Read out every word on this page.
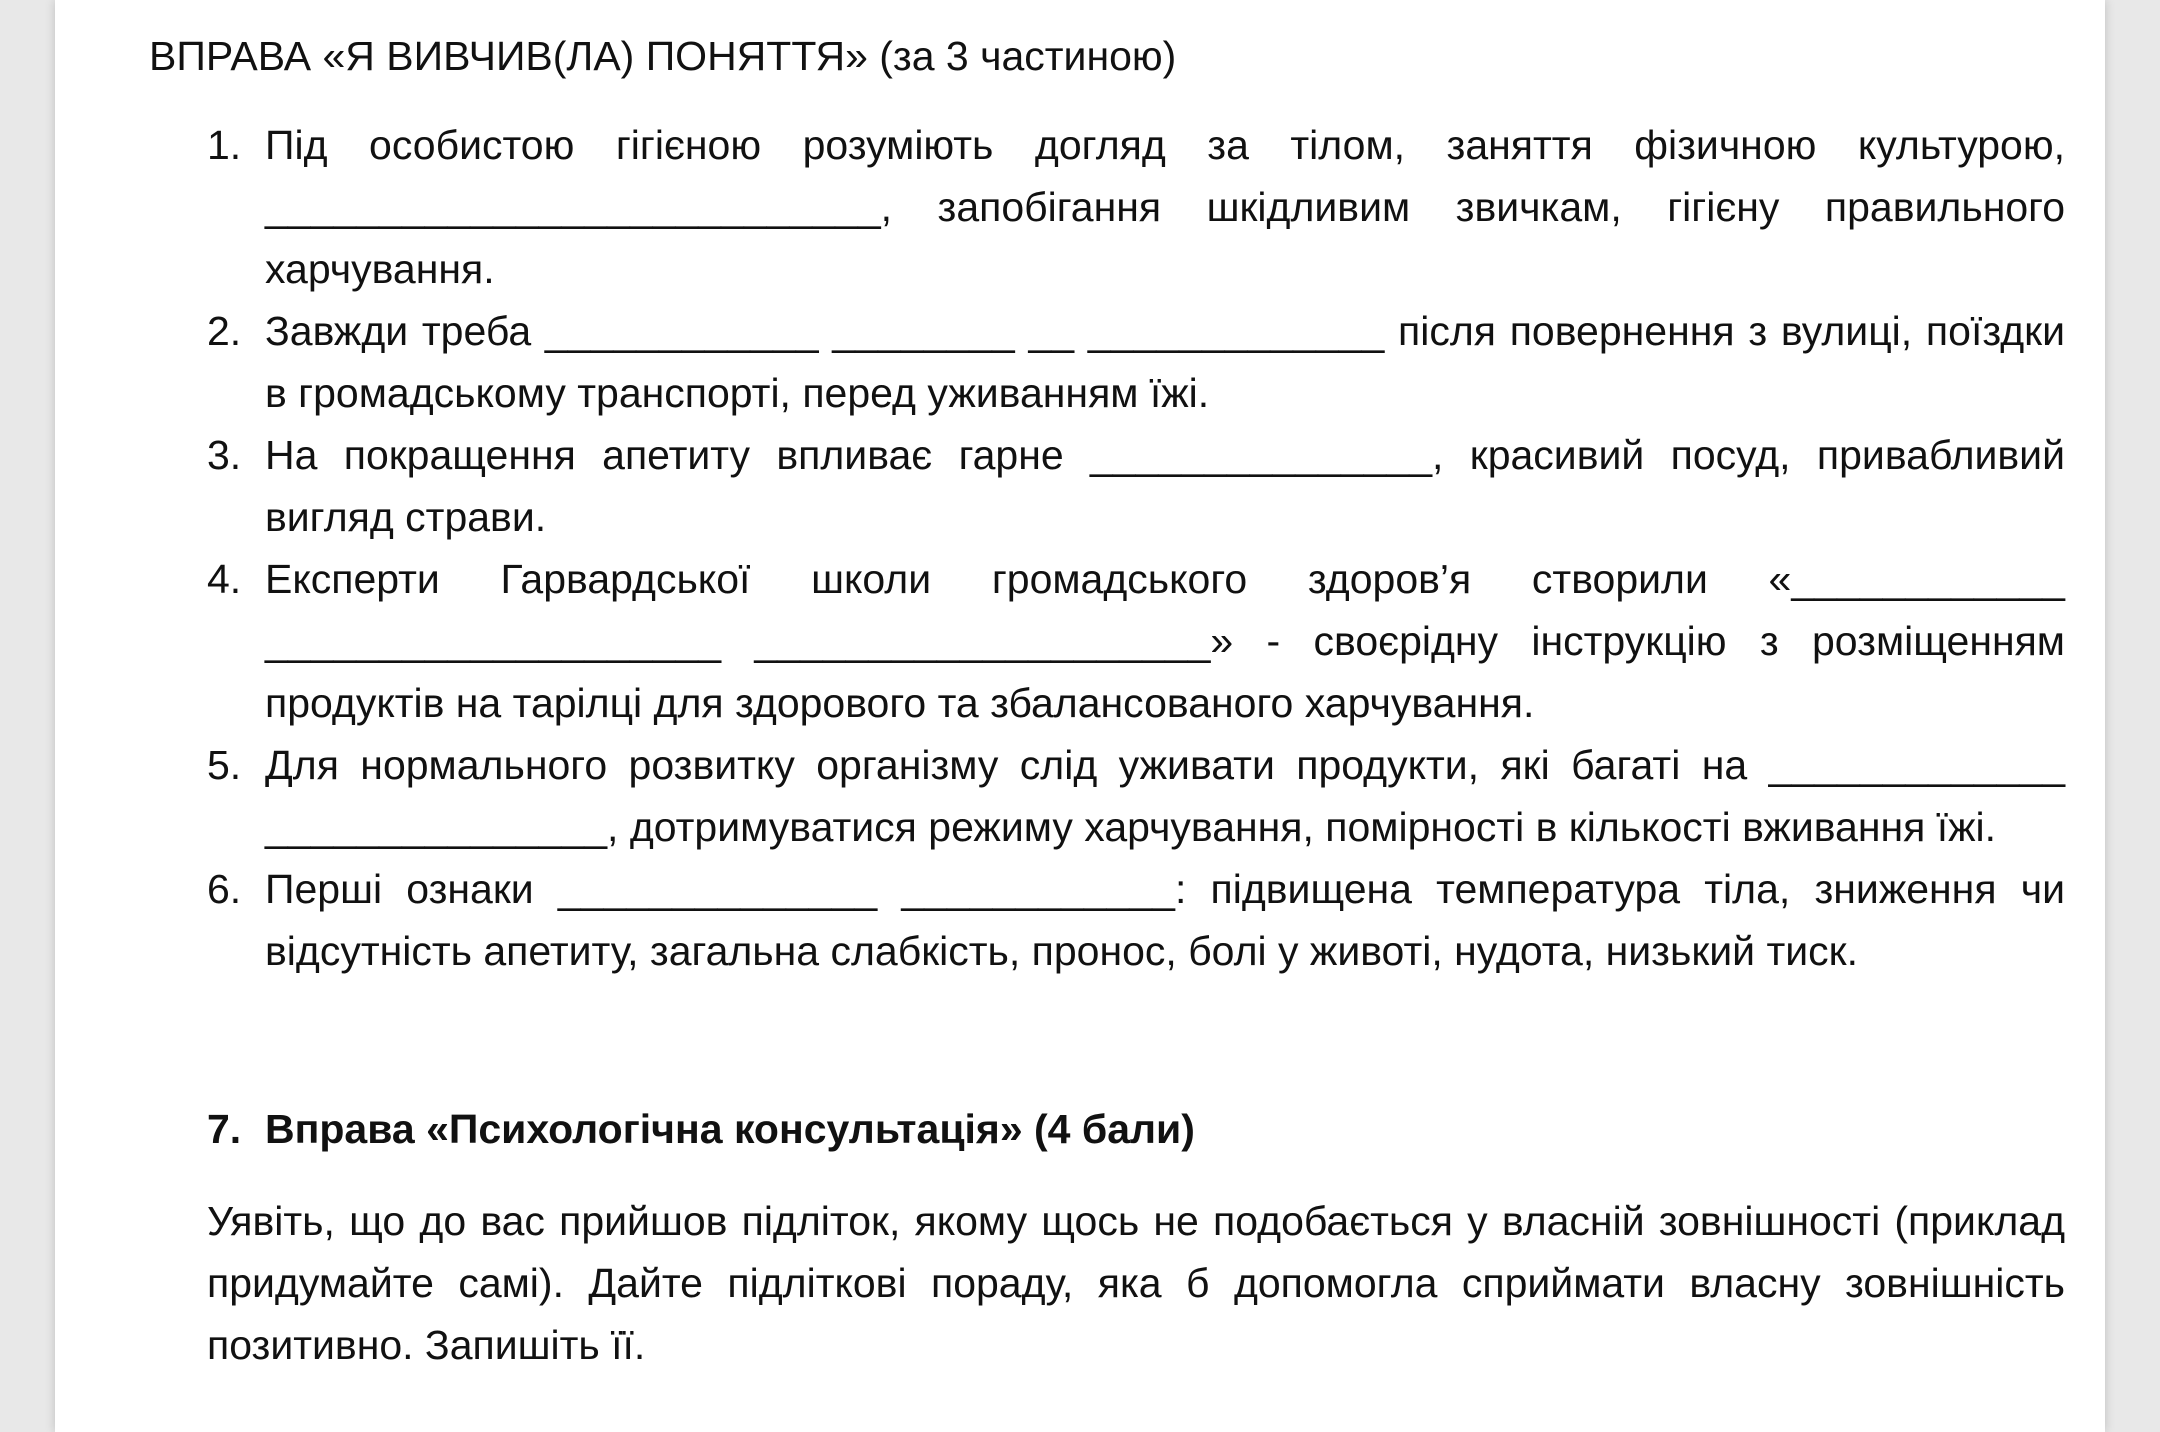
ВПРАВА «Я ВИВЧИВ(ЛА) ПОНЯТТЯ» (за 3 частиною)
1. Під особистою гігієною розуміють догляд за тілом, заняття фізичною культурою, ___________________________, запобігання шкідливим звичкам, гігієну правильного харчування.
2. Завжди треба ____________ ________ __ _____________ після повернення з вулиці, поїздки в громадському транспорті, перед уживанням їжі.
3. На покращення апетиту впливає гарне _______________, красивий посуд, привабливий вигляд страви.
4. Експерти Гарвардської школи громадського здоров’я створили «____________ ____________________ ____________________» - своєрідну інструкцію з розміщенням продуктів на тарілці для здорового та збалансованого харчування.
5. Для нормального розвитку організму слід уживати продукти, які багаті на _____________ _______________, дотримуватися режиму харчування, помірності в кількості вживання їжі.
6. Перші ознаки ______________ ____________: підвищена температура тіла, зниження чи відсутність апетиту, загальна слабкість, пронос, болі у животі, нудота, низький тиск.
7. Вправа «Психологічна консультація» (4 бали)
Уявіть, що до вас прийшов підліток, якому щось не подобається у власній зовнішності (приклад придумайте самі). Дайте підліткові пораду, яка б допомогла сприймати власну зовнішність позитивно. Запишіть її.
